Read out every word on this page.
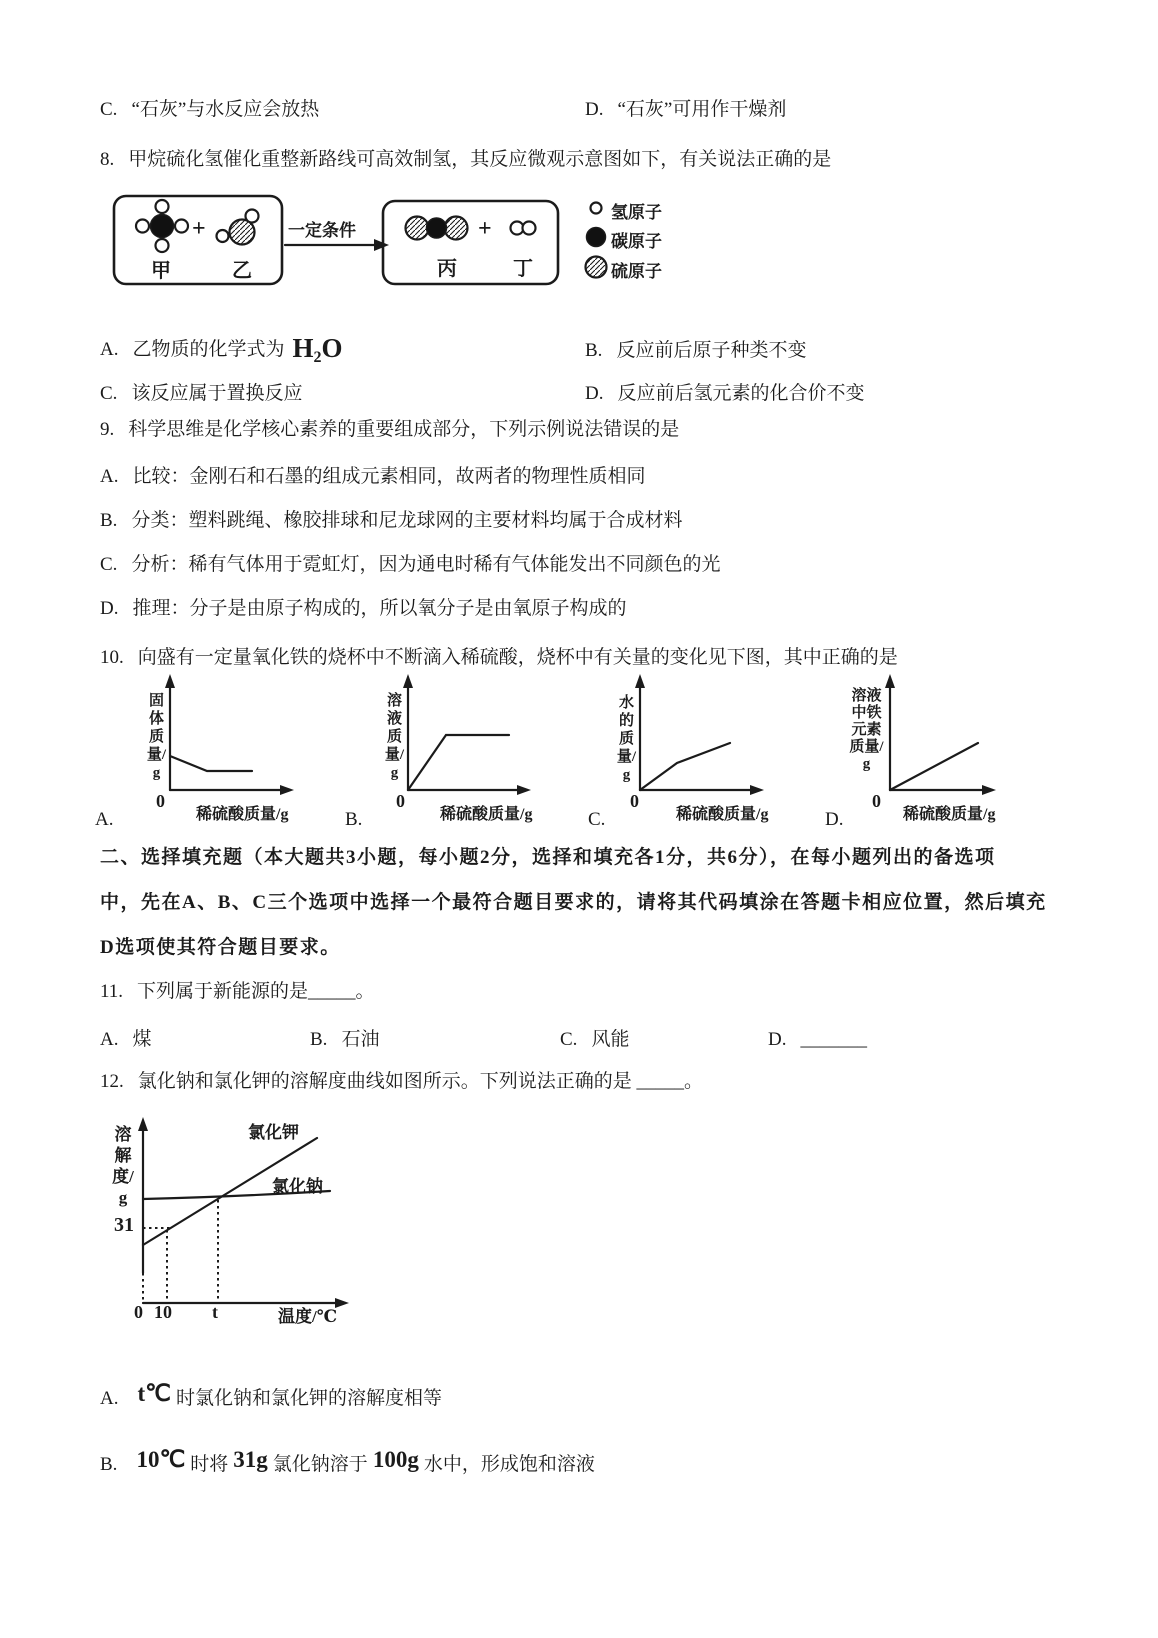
C. “石灰”与水反应会放热	D. “石灰”可用作干燥剂
8. 甲烷硫化氢催化重整新路线可高效制氢，其反应微观示意图如下，有关说法正确的是
+	一定条件	+
甲	乙	丙	丁
氢原子
碳原子
硫原子
A. 乙物质的化学式为 $H_2O$	B. 反应前后原子种类不变
C. 该反应属于置换反应	D. 反应前后氢元素的化合价不变
9. 科学思维是化学核心素养的重要组成部分，下列示例说法错误的是
A. 比较：金刚石和石墨的组成元素相同，故两者的物理性质相同
B. 分类：塑料跳绳、橡胶排球和尼龙球网的主要材料均属于合成材料
C. 分析：稀有气体用于霓虹灯，因为通电时稀有气体能发出不同颜色的光
D. 推理：分子是由原子构成的，所以氧分子是由氧原子构成的
10. 向盛有一定量氧化铁的烧杯中不断滴入稀硫酸，烧杯中有关量的变化见下图，其中正确的是
固体质量/g
溶液质量/g
水的质量/g
溶液中铁元素质量/g
0	0	0	0
稀硫酸质量/g	稀硫酸质量/g	稀硫酸质量/g	稀硫酸质量/g
A.	B.	C.	D.
二、选择填充题（本大题共3小题，每小题2分，选择和填充各1分，共6分），在每小题列出的备选项
中，先在A、B、C三个选项中选择一个最符合题目要求的，请将其代码填涂在答题卡相应位置，然后填充
D选项使其符合题目要求。
11. 下列属于新能源的是_____。
A. 煤	B. 石油	C. 风能	D. _______
12. 氯化钠和氯化钾的溶解度曲线如图所示。下列说法正确的是 _____。
溶解度/g
31
氯化钾
氯化钠
0 10 t	温度/℃
A. t℃ 时氯化钠和氯化钾的溶解度相等
B. 10℃ 时将 31g 氯化钠溶于 100g 水中，形成饱和溶液
